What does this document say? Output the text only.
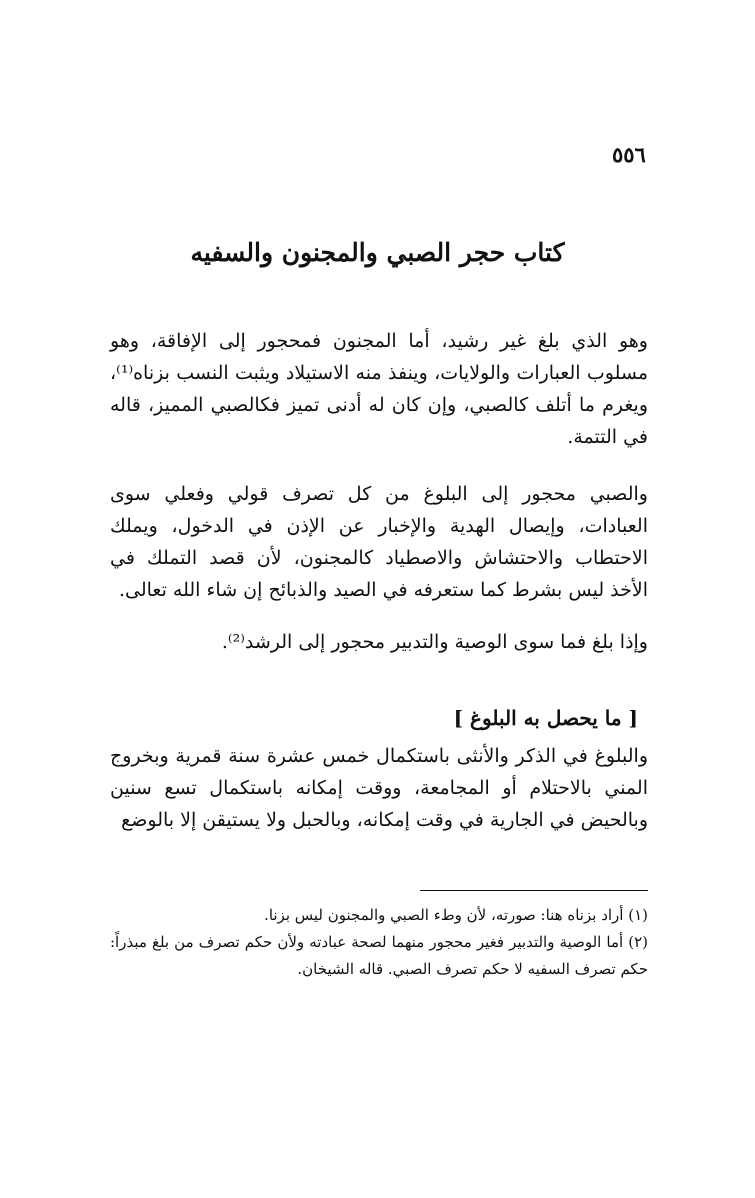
٥٥٦
كتاب حجر الصبي والمجنون والسفيه

وهو الذي بلغ غير رشيد، أما المجنون فمحجور إلى الإفاقة، وهو مسلوب العبارات والولايات، وينفذ منه الاستيلاد ويثبت النسب بزناه⁽¹⁾، ويغرم ما أتلف كالصبي، وإن كان له أدنى تميز فكالصبي المميز، قاله في التتمة.

والصبي محجور إلى البلوغ من كل تصرف قولي وفعلي سوى العبادات، وإيصال الهدية والإخبار عن الإذن في الدخول، ويملك الاحتطاب والاحتشاش والاصطياد كالمجنون، لأن قصد التملك في الأخذ ليس بشرط كما ستعرفه في الصيد والذبائح إن شاء الله تعالى.

وإذا بلغ فما سوى الوصية والتدبير محجور إلى الرشد⁽²⁾.

[ ما يحصل به البلوغ ]

والبلوغ في الذكر والأنثى باستكمال خمس عشرة سنة قمرية وبخروج المني بالاحتلام أو المجامعة، ووقت إمكانه باستكمال تسع سنين وبالحيض في الجارية في وقت إمكانه، وبالحبل ولا يستيقن إلا بالوضع

(١) أراد بزناه هنا: صورته، لأن وطء الصبي والمجنون ليس بزنا.

(٢) أما الوصية والتدبير فغير محجور منهما لصحة عبادته ولأن حكم تصرف من بلغ مبذراً: حكم تصرف السفيه لا حكم تصرف الصبي. قاله الشيخان.
